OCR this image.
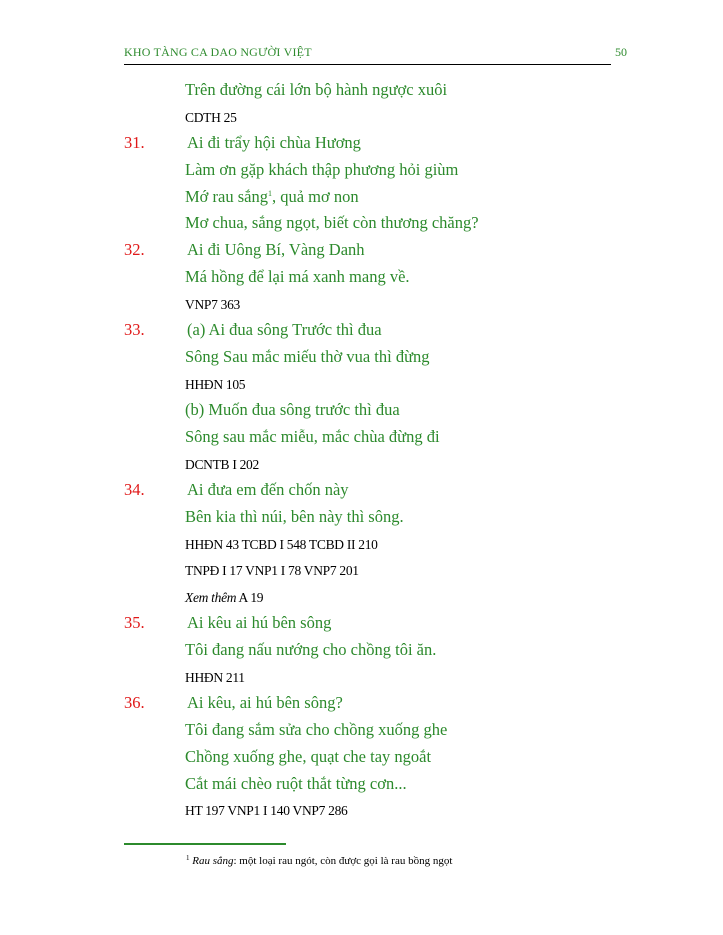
KHO TÀNG CA DAO NGƯỜI VIỆT	50
Trên đường cái lớn bộ hành ngược xuôi
CDTH 25
31.	Ai đi trẩy hội chùa Hương
Làm ơn gặp khách thập phương hỏi giùm
Mớ rau sắng$^1$, quả mơ non
Mơ chua, sắng ngọt, biết còn thương chăng?
32.	Ai đi Uông Bí, Vàng Danh
Má hồng để lại má xanh mang về.
VNP7 363
33.	(a) Ai đua sông Trước thì đua
Sông Sau mắc miếu thờ vua thì đừng
HHĐN 105
(b) Muốn đua sông trước thì đua
Sông sau mắc miễu, mắc chùa đừng đi
DCNTB I 202
34.	Ai đưa em đến chốn này
Bên kia thì núi, bên này thì sông.
HHĐN 43 TCBD I 548 TCBD II 210
TNPĐ I 17 VNP1 I 78 VNP7 201
Xem thêm A 19
35.	Ai kêu ai hú bên sông
Tôi đang nấu nướng cho chồng tôi ăn.
HHĐN 211
36.	Ai kêu, ai hú bên sông?
Tôi đang sắm sửa cho chồng xuống ghe
Chồng xuống ghe, quạt che tay ngoắt
Cắt mái chèo ruột thắt từng cơn...
HT 197 VNP1 I 140 VNP7 286
$^1$ Rau sắng: một loại rau ngót, còn được gọi là rau bồng ngọt
